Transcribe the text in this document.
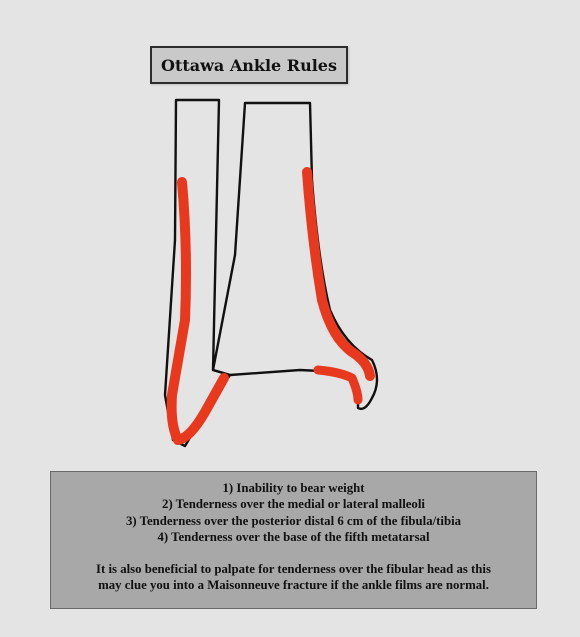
Ottawa Ankle Rules
1) Inability to bear weight
2) Tenderness over the medial or lateral malleoli
3) Tenderness over the posterior distal 6 cm of the fibula/tibia
4) Tenderness over the base of the fifth metatarsal
It is also beneficial to palpate for tenderness over the fibular head as this
may clue you into a Maisonneuve fracture if the ankle films are normal.
